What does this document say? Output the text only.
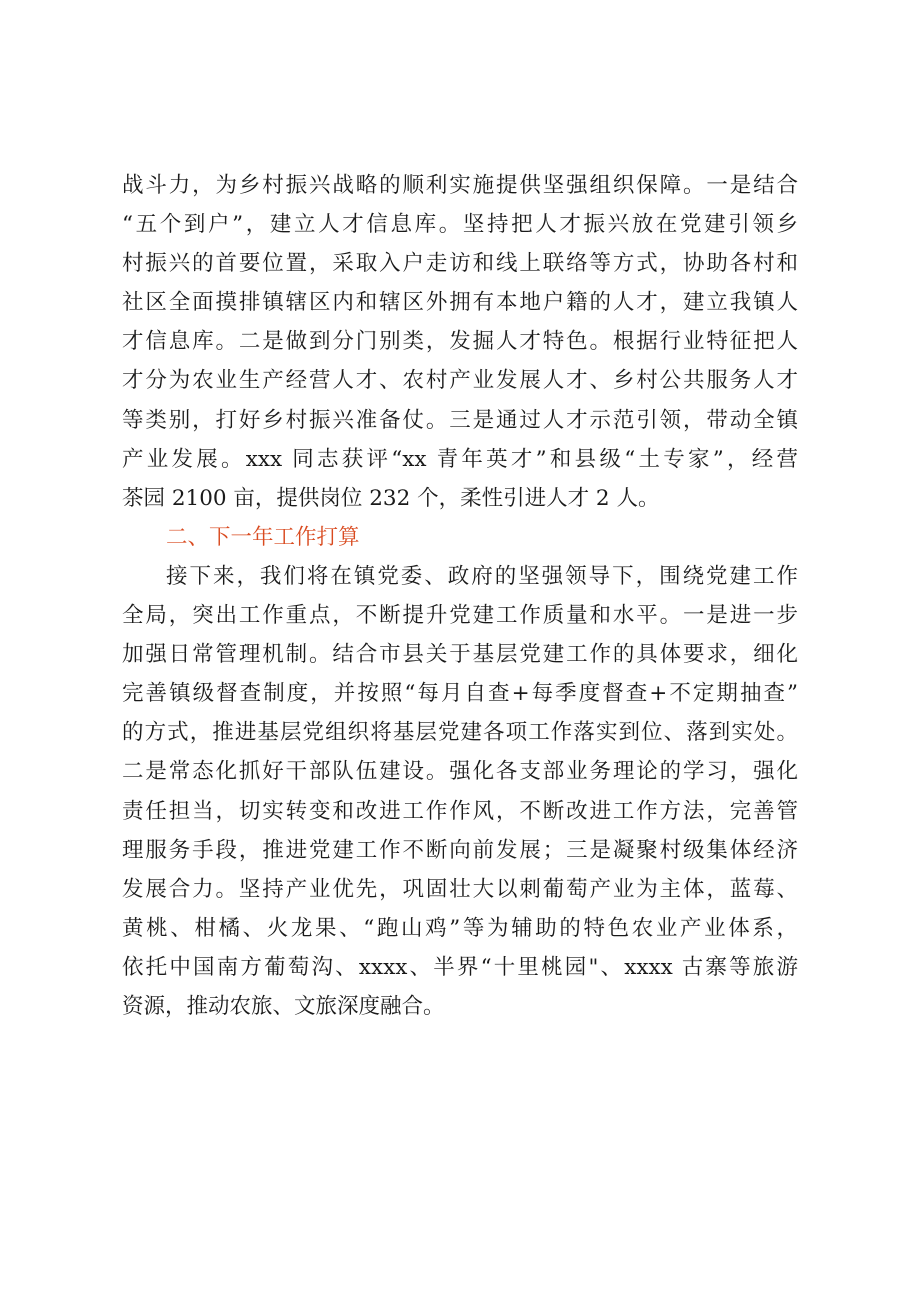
战斗力，为乡村振兴战略的顺利实施提供坚强组织保障。一是结合
“五个到户”，建立人才信息库。坚持把人才振兴放在党建引领乡
村振兴的首要位置，采取入户走访和线上联络等方式，协助各村和
社区全面摸排镇辖区内和辖区外拥有本地户籍的人才，建立我镇人
才信息库。二是做到分门别类，发掘人才特色。根据行业特征把人
才分为农业生产经营人才、农村产业发展人才、乡村公共服务人才
等类别，打好乡村振兴准备仗。三是通过人才示范引领，带动全镇
产业发展。xxx 同志获评“xx 青年英才”和县级“土专家”，经营
茶园 2100 亩，提供岗位 232 个，柔性引进人才 2 人。
二、下一年工作打算
接下来，我们将在镇党委、政府的坚强领导下，围绕党建工作
全局，突出工作重点，不断提升党建工作质量和水平。一是进一步
加强日常管理机制。结合市县关于基层党建工作的具体要求，细化
完善镇级督查制度，并按照“每月自查+每季度督查+不定期抽查”
的方式，推进基层党组织将基层党建各项工作落实到位、落到实处。
二是常态化抓好干部队伍建设。强化各支部业务理论的学习，强化
责任担当，切实转变和改进工作作风，不断改进工作方法，完善管
理服务手段，推进党建工作不断向前发展；三是凝聚村级集体经济
发展合力。坚持产业优先，巩固壮大以刺葡萄产业为主体，蓝莓、
黄桃、柑橘、火龙果、“跑山鸡”等为辅助的特色农业产业体系，
依托中国南方葡萄沟、xxxx、半界“十里桃园"、xxxx 古寨等旅游
资源，推动农旅、文旅深度融合。
